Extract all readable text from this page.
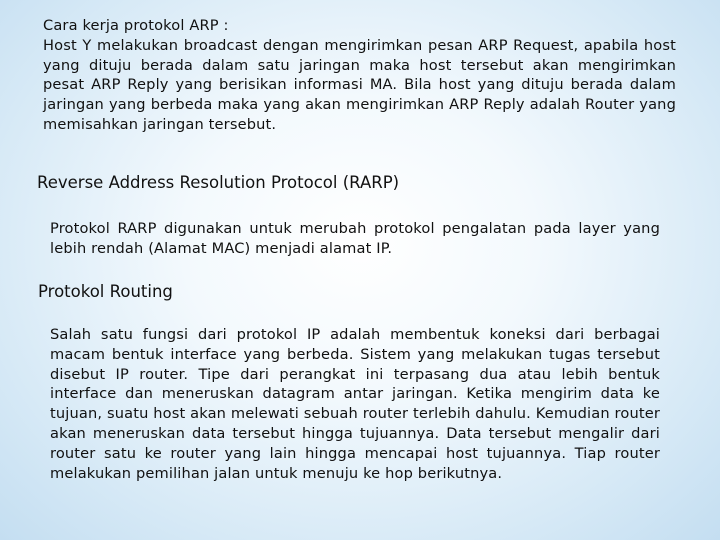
Cara kerja protokol ARP :
Host Y melakukan broadcast dengan mengirimkan pesan ARP Request, apabila host yang dituju berada dalam satu jaringan maka host tersebut akan mengirimkan pesat ARP Reply yang berisikan informasi MA. Bila host yang dituju berada dalam jaringan yang berbeda maka yang akan mengirimkan ARP Reply adalah Router yang memisahkan jaringan tersebut.
Reverse Address Resolution Protocol (RARP)

Protokol RARP digunakan untuk merubah protokol pengalatan pada layer yang lebih rendah (Alamat MAC) menjadi alamat IP.

Protokol Routing

Salah satu fungsi dari protokol IP adalah membentuk koneksi dari berbagai macam bentuk interface yang berbeda. Sistem yang melakukan tugas tersebut disebut IP router. Tipe dari perangkat ini terpasang dua atau lebih bentuk interface dan meneruskan datagram antar jaringan. Ketika mengirim data ke tujuan, suatu host akan melewati sebuah router terlebih dahulu. Kemudian router akan meneruskan data tersebut hingga tujuannya. Data tersebut mengalir dari router satu ke router yang lain hingga mencapai host tujuannya. Tiap router melakukan pemilihan jalan untuk menuju ke hop berikutnya.
